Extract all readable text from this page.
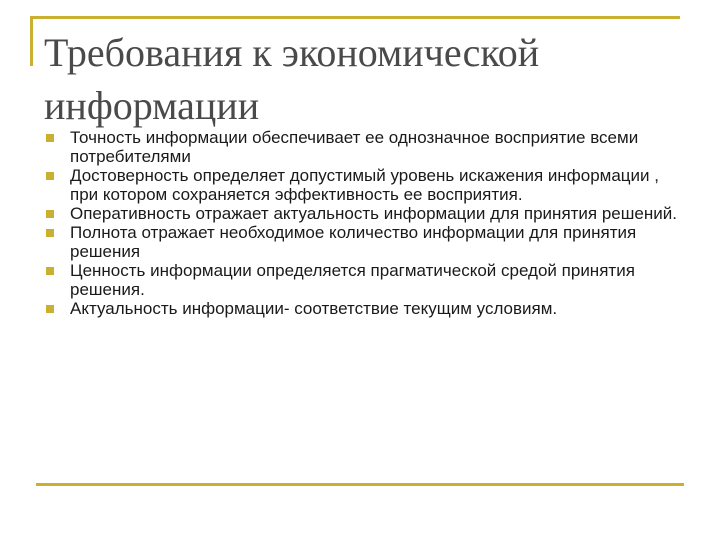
Требования к экономической информации
Точность информации обеспечивает ее однозначное восприятие всеми потребителями
Достоверность определяет допустимый уровень искажения информации , при котором сохраняется эффективность ее восприятия.
Оперативность отражает актуальность информации для принятия решений.
Полнота отражает необходимое количество информации для принятия решения
Ценность информации определяется прагматической средой принятия решения.
Актуальность информации- соответствие текущим условиям.
